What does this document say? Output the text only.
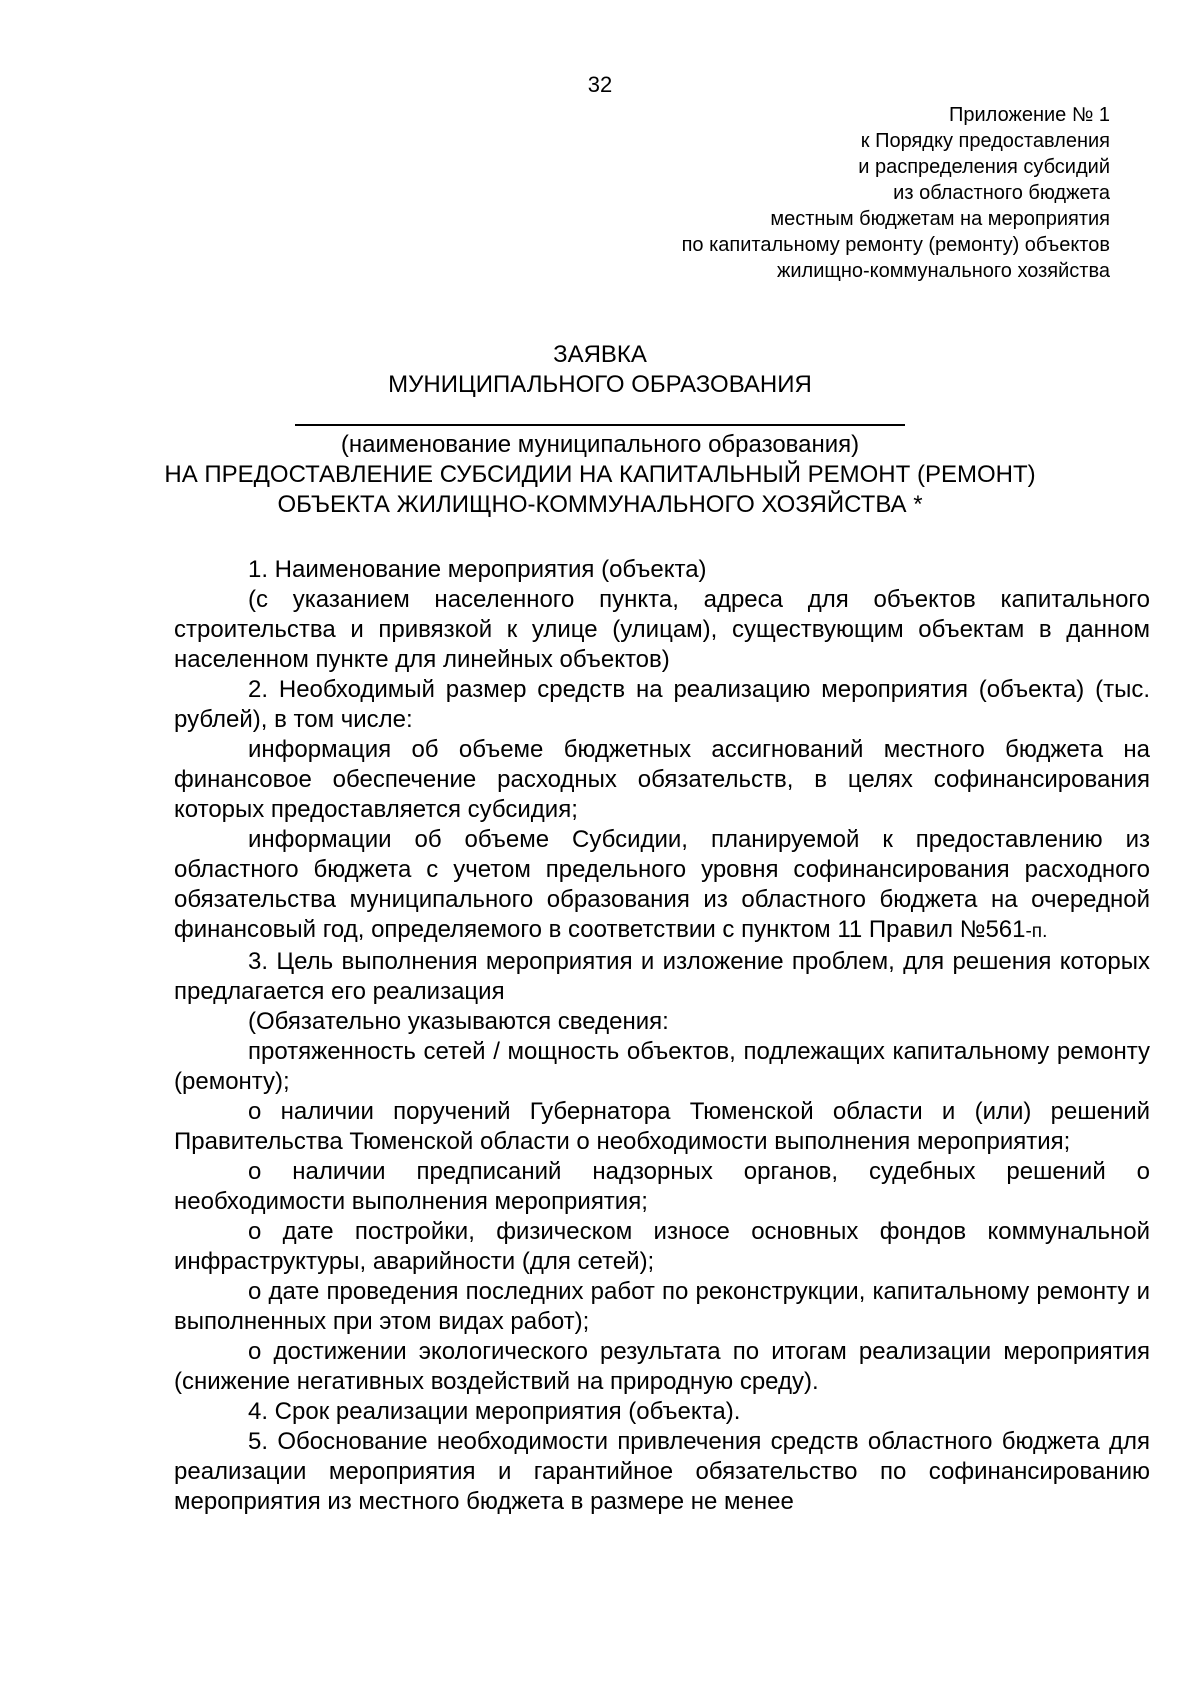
32
Приложение № 1
к Порядку предоставления
и распределения субсидий
из областного бюджета
местным бюджетам на мероприятия
по капитальному ремонту (ремонту) объектов
жилищно-коммунального хозяйства
ЗАЯВКА
МУНИЦИПАЛЬНОГО ОБРАЗОВАНИЯ
(наименование муниципального образования)
НА ПРЕДОСТАВЛЕНИЕ СУБСИДИИ НА КАПИТАЛЬНЫЙ РЕМОНТ (РЕМОНТ)
ОБЪЕКТА ЖИЛИЩНО-КОММУНАЛЬНОГО ХОЗЯЙСТВА *

1. Наименование мероприятия (объекта)

(с указанием населенного пункта, адреса для объектов капитального строительства и привязкой к улице (улицам), существующим объектам в данном населенном пункте для линейных объектов)

2. Необходимый размер средств на реализацию мероприятия (объекта) (тыс. рублей), в том числе:

информация об объеме бюджетных ассигнований местного бюджета на финансовое обеспечение расходных обязательств, в целях софинансирования которых предоставляется субсидия;

информации об объеме Субсидии, планируемой к предоставлению из областного бюджета с учетом предельного уровня софинансирования расходного обязательства муниципального образования из областного бюджета на очередной финансовый год, определяемого в соответствии с пунктом 11 Правил №561-п.

3. Цель выполнения мероприятия и изложение проблем, для решения которых предлагается его реализация

(Обязательно указываются сведения:

протяженность сетей / мощность объектов, подлежащих капитальному ремонту (ремонту);

о наличии поручений Губернатора Тюменской области и (или) решений Правительства Тюменской области о необходимости выполнения мероприятия;

о наличии предписаний надзорных органов, судебных решений о необходимости выполнения мероприятия;

о дате постройки, физическом износе основных фондов коммунальной инфраструктуры, аварийности (для сетей);

о дате проведения последних работ по реконструкции, капитальному ремонту и выполненных при этом видах работ);

о достижении экологического результата по итогам реализации мероприятия (снижение негативных воздействий на природную среду).

4. Срок реализации мероприятия (объекта).

5. Обоснование необходимости привлечения средств областного бюджета для реализации мероприятия и гарантийное обязательство по софинансированию мероприятия из местного бюджета в размере не менее
